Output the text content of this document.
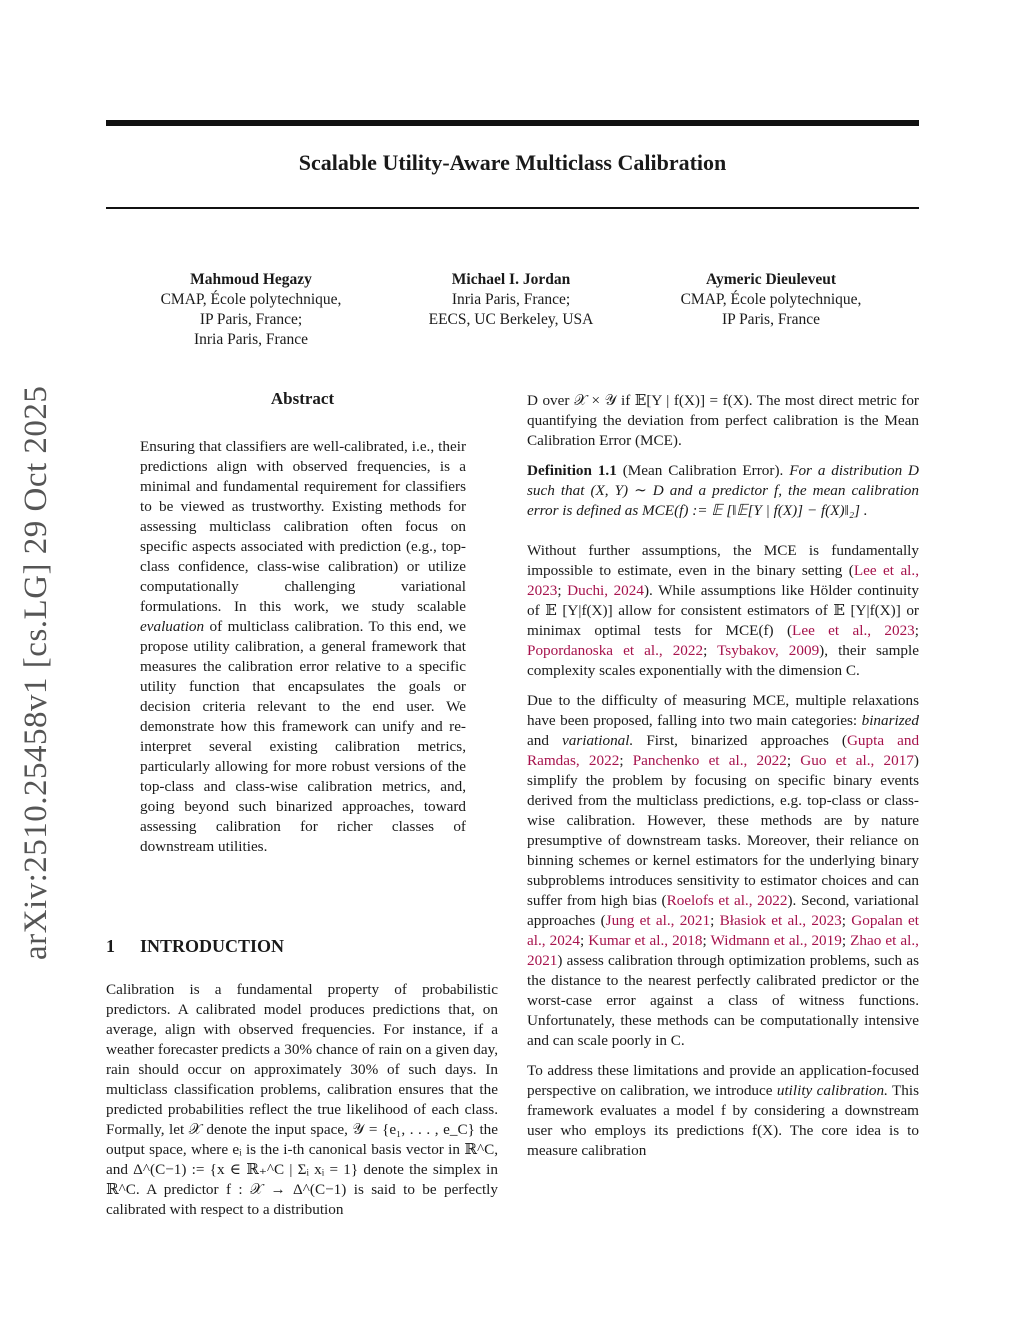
arXiv:2510.25458v1 [cs.LG] 29 Oct 2025
Scalable Utility-Aware Multiclass Calibration
Mahmoud Hegazy
CMAP, École polytechnique,
IP Paris, France;
Inria Paris, France
Michael I. Jordan
Inria Paris, France;
EECS, UC Berkeley, USA
Aymeric Dieuleveut
CMAP, École polytechnique,
IP Paris, France
Abstract

Ensuring that classifiers are well-calibrated, i.e., their predictions align with observed frequencies, is a minimal and fundamental requirement for classifiers to be viewed as trustworthy. Existing methods for assessing multiclass calibration often focus on specific aspects associated with prediction (e.g., top-class confidence, class-wise calibration) or utilize computationally challenging variational formulations. In this work, we study scalable evaluation of multiclass calibration. To this end, we propose utility calibration, a general framework that measures the calibration error relative to a specific utility function that encapsulates the goals or decision criteria relevant to the end user. We demonstrate how this framework can unify and re-interpret several existing calibration metrics, particularly allowing for more robust versions of the top-class and class-wise calibration metrics, and, going beyond such binarized approaches, toward assessing calibration for richer classes of downstream utilities.

1 INTRODUCTION

Calibration is a fundamental property of probabilistic predictors. A calibrated model produces predictions that, on average, align with observed frequencies. For instance, if a weather forecaster predicts a 30% chance of rain on a given day, rain should occur on approximately 30% of such days. In multiclass classification problems, calibration ensures that the predicted probabilities reflect the true likelihood of each class. Formally, let 𝒳 denote the input space, 𝒴 = {e₁, . . . , e_C} the output space, where eᵢ is the i-th canonical basis vector in ℝ^C, and Δ^(C−1) := {x ∈ ℝ₊^C | Σᵢ xᵢ = 1} denote the simplex in ℝ^C. A predictor f : 𝒳 → Δ^(C−1) is said to be perfectly calibrated with respect to a distribution

D over 𝒳 × 𝒴 if 𝔼[Y | f(X)] = f(X). The most direct metric for quantifying the deviation from perfect calibration is the Mean Calibration Error (MCE).

Definition 1.1 (Mean Calibration Error). For a distribution D such that (X, Y) ∼ D and a predictor f, the mean calibration error is defined as MCE(f) := 𝔼 [‖𝔼[Y | f(X)] − f(X)‖₂] .

Without further assumptions, the MCE is fundamentally impossible to estimate, even in the binary setting (Lee et al., 2023; Duchi, 2024). While assumptions like Hölder continuity of 𝔼 [Y|f(X)] allow for consistent estimators of 𝔼 [Y|f(X)] or minimax optimal tests for MCE(f) (Lee et al., 2023; Popordanoska et al., 2022; Tsybakov, 2009), their sample complexity scales exponentially with the dimension C.

Due to the difficulty of measuring MCE, multiple relaxations have been proposed, falling into two main categories: binarized and variational. First, binarized approaches (Gupta and Ramdas, 2022; Panchenko et al., 2022; Guo et al., 2017) simplify the problem by focusing on specific binary events derived from the multiclass predictions, e.g. top-class or class-wise calibration. However, these methods are by nature presumptive of downstream tasks. Moreover, their reliance on binning schemes or kernel estimators for the underlying binary subproblems introduces sensitivity to estimator choices and can suffer from high bias (Roelofs et al., 2022). Second, variational approaches (Jung et al., 2021; Błasiok et al., 2023; Gopalan et al., 2024; Kumar et al., 2018; Widmann et al., 2019; Zhao et al., 2021) assess calibration through optimization problems, such as the distance to the nearest perfectly calibrated predictor or the worst-case error against a class of witness functions. Unfortunately, these methods can be computationally intensive and can scale poorly in C.

To address these limitations and provide an application-focused perspective on calibration, we introduce utility calibration. This framework evaluates a model f by considering a downstream user who employs its predictions f(X). The core idea is to measure calibration
